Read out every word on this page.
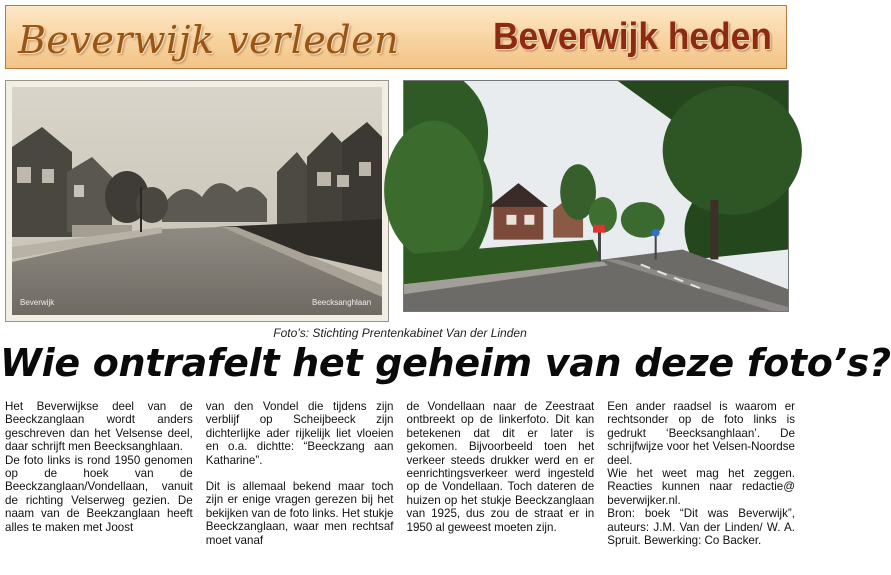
Beverwijk verleden Beverwijk heden
Beverwijk	Beecksanghlaan
Foto’s: Stichting Prentenkabinet Van der Linden
Wie ontrafelt het geheim van deze foto’s?

Het Beverwijkse deel van de Beeckzanglaan wordt anders geschreven dan het Velsense deel, daar schrijft men Beecksanghlaan.

De foto links is rond 1950 genomen op de hoek van de Beeckzanglaan/Vondellaan, vanuit de richting Velserweg gezien. De naam van de Beekzanglaan heeft alles te maken met Joost

van den Vondel die tijdens zijn verblijf op Scheijbeeck zijn dichterlijke ader rijkelijk liet vloeien en o.a. dichtte: “Beeckzang aan Katharine”.

Dit is allemaal bekend maar toch zijn er enige vragen gerezen bij het bekijken van de foto links. Het stukje Beeckzanglaan, waar men rechtsaf moet vanaf

de Vondellaan naar de Zeestraat ontbreekt op de linkerfoto. Dit kan betekenen dat dit er later is gekomen. Bijvoorbeeld toen het verkeer steeds drukker werd en er eenrichtingsverkeer werd ingesteld op de Vondellaan. Toch dateren de huizen op het stukje Beeckzanglaan van 1925, dus zou de straat er in 1950 al geweest moeten zijn.

Een ander raadsel is waarom er rechtsonder op de foto links is gedrukt ‘Beecksanghlaan’. De schrijfwijze voor het Velsen-Noordse deel.

Wie het weet mag het zeggen. Reacties kunnen naar redactie@ beverwijker.nl.

Bron: boek “Dit was Beverwijk”, auteurs: J.M. Van der Linden/ W. A. Spruit. Bewerking: Co Backer.
